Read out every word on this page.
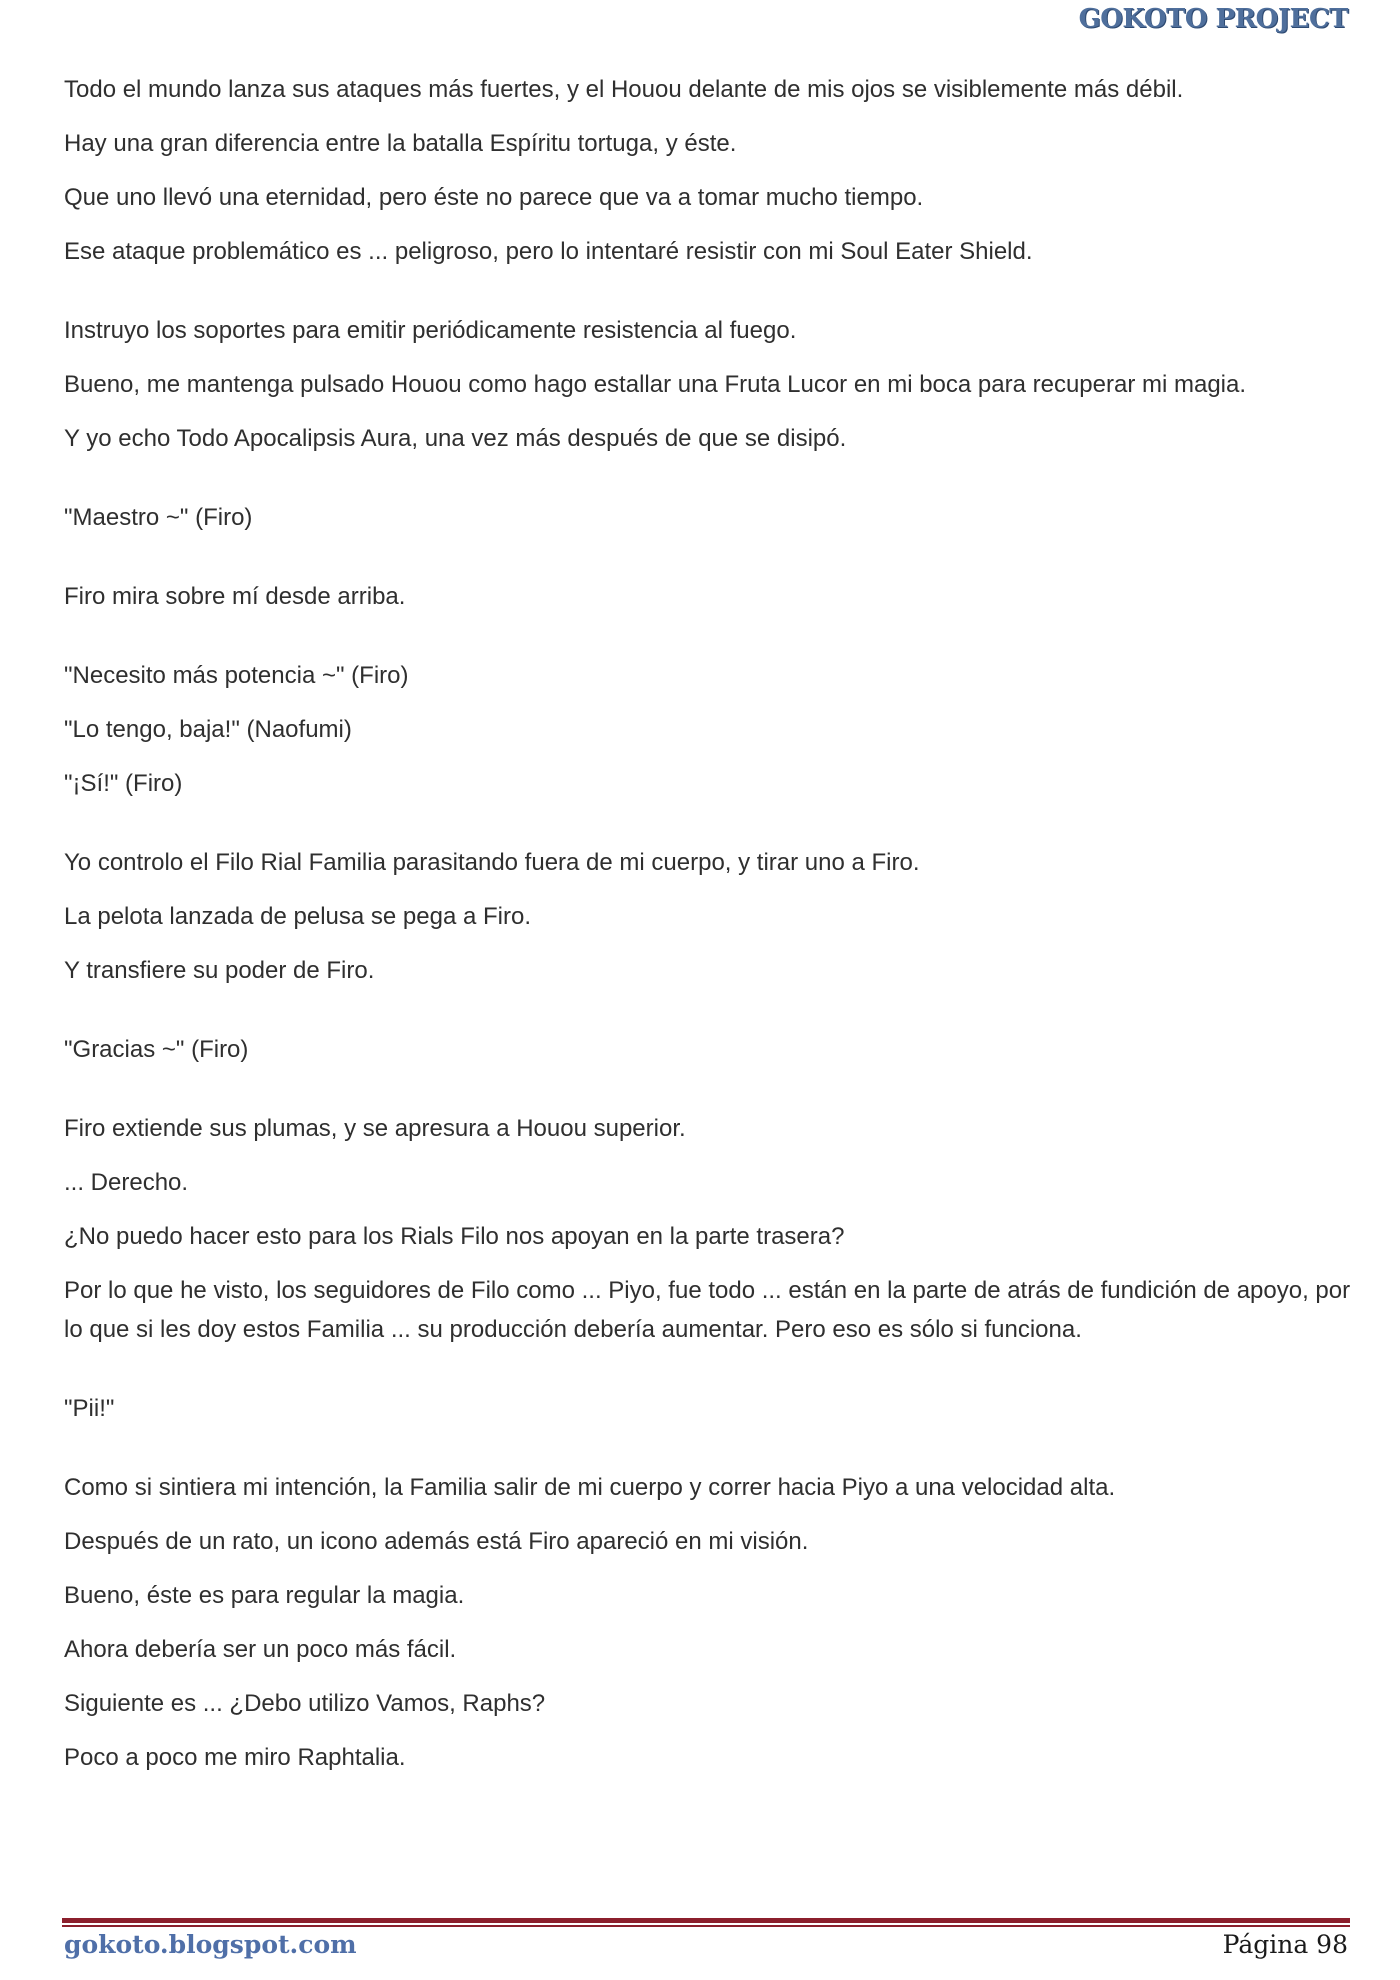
GOKOTO PROJECT

Todo el mundo lanza sus ataques más fuertes, y el Houou delante de mis ojos se visiblemente más débil.

Hay una gran diferencia entre la batalla Espíritu tortuga, y éste.

Que uno llevó una eternidad, pero éste no parece que va a tomar mucho tiempo.

Ese ataque problemático es ... peligroso, pero lo intentaré resistir con mi Soul Eater Shield.

Instruyo los soportes para emitir periódicamente resistencia al fuego.

Bueno, me mantenga pulsado Houou como hago estallar una Fruta Lucor en mi boca para recuperar mi magia.

Y yo echo Todo Apocalipsis Aura, una vez más después de que se disipó.

"Maestro ~" (Firo)

Firo mira sobre mí desde arriba.

"Necesito más potencia ~" (Firo)

"Lo tengo, baja!" (Naofumi)

"¡Sí!" (Firo)

Yo controlo el Filo Rial Familia parasitando fuera de mi cuerpo, y tirar uno a Firo.

La pelota lanzada de pelusa se pega a Firo.

Y transfiere su poder de Firo.

"Gracias ~" (Firo)

Firo extiende sus plumas, y se apresura a Houou superior.

... Derecho.

¿No puedo hacer esto para los Rials Filo nos apoyan en la parte trasera?

Por lo que he visto, los seguidores de Filo como ... Piyo, fue todo ... están en la parte de atrás de fundición de apoyo, por lo que si les doy estos Familia ... su producción debería aumentar. Pero eso es sólo si funciona.

"Pii!"

Como si sintiera mi intención, la Familia salir de mi cuerpo y correr hacia Piyo a una velocidad alta.

Después de un rato, un icono además está Firo apareció en mi visión.

Bueno, éste es para regular la magia.

Ahora debería ser un poco más fácil.

Siguiente es ... ¿Debo utilizo Vamos, Raphs?

Poco a poco me miro Raphtalia.

gokoto.blogspot.com	Página 98
